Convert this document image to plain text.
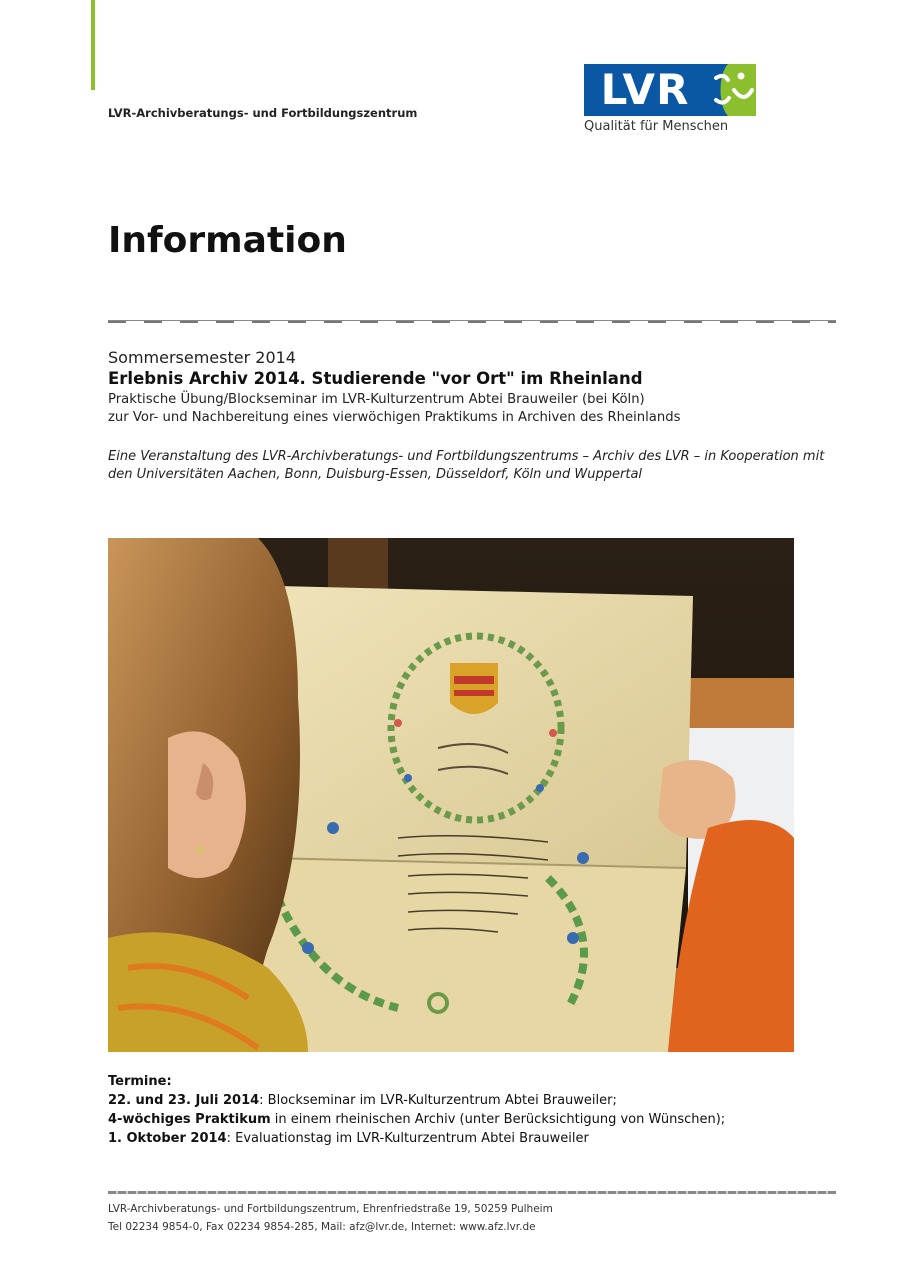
LVR-Archivberatungs- und Fortbildungszentrum	LVR
Qualität für Menschen
Information
Sommersemester 2014
Erlebnis Archiv 2014. Studierende "vor Ort" im Rheinland
Praktische Übung/Blockseminar im LVR-Kulturzentrum Abtei Brauweiler (bei Köln)
zur Vor- und Nachbereitung eines vierwöchigen Praktikums in Archiven des Rheinlands
Eine Veranstaltung des LVR-Archivberatungs- und Fortbildungszentrums – Archiv des LVR – in Kooperation mit den Universitäten Aachen, Bonn, Duisburg-Essen, Düsseldorf, Köln und Wuppertal
Termine:
22. und 23. Juli 2014: Blockseminar im LVR-Kulturzentrum Abtei Brauweiler;
4-wöchiges Praktikum in einem rheinischen Archiv (unter Berücksichtigung von Wünschen);
1. Oktober 2014: Evaluationstag im LVR-Kulturzentrum Abtei Brauweiler
LVR-Archivberatungs- und Fortbildungszentrum, Ehrenfriedstraße 19, 50259 Pulheim
Tel 02234 9854-0, Fax 02234 9854-285, Mail: afz@lvr.de, Internet: www.afz.lvr.de
